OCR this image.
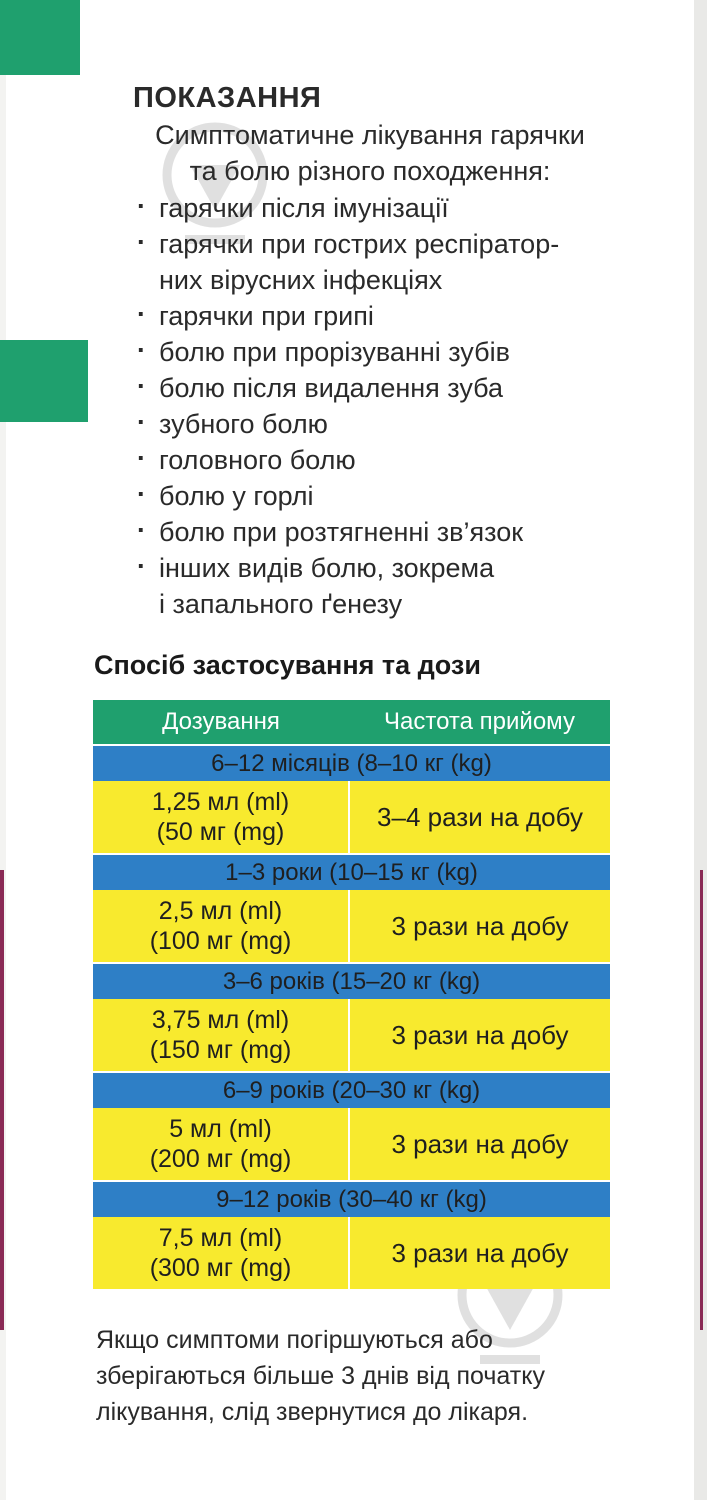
ПОКАЗАННЯ
Симптоматичне лікування гарячки
та болю різного походження:
· гарячки після імунізації
· гарячки при гострих респіратор-
них вірусних інфекціях
· гарячки при грипі
· болю при прорізуванні зубів
· болю після видалення зуба
· зубного болю
· головного болю
· болю у горлі
· болю при розтягненні зв’язок
· інших видів болю, зокрема
і запального ґенезу
Спосіб застосування та дози
Дозування	Частота прийому
6–12 місяців (8–10 кг (kg)	

1,25 мл (ml)
(50 мг (mg)	3–4 рази на добу
1–3 роки (10–15 кг (kg)	

2,5 мл (ml)
(100 мг (mg)	3 рази на добу
3–6 років (15–20 кг (kg)	

3,75 мл (ml)
(150 мг (mg)	3 рази на добу
6–9 років (20–30 кг (kg)	

5 мл (ml)
(200 мг (mg)	3 рази на добу
9–12 років (30–40 кг (kg)	

7,5 мл (ml)
(300 мг (mg)	3 рази на добу
Якщо симптоми погіршуються або
зберігаються більше 3 днів від початку
лікування, слід звернутися до лікаря.
